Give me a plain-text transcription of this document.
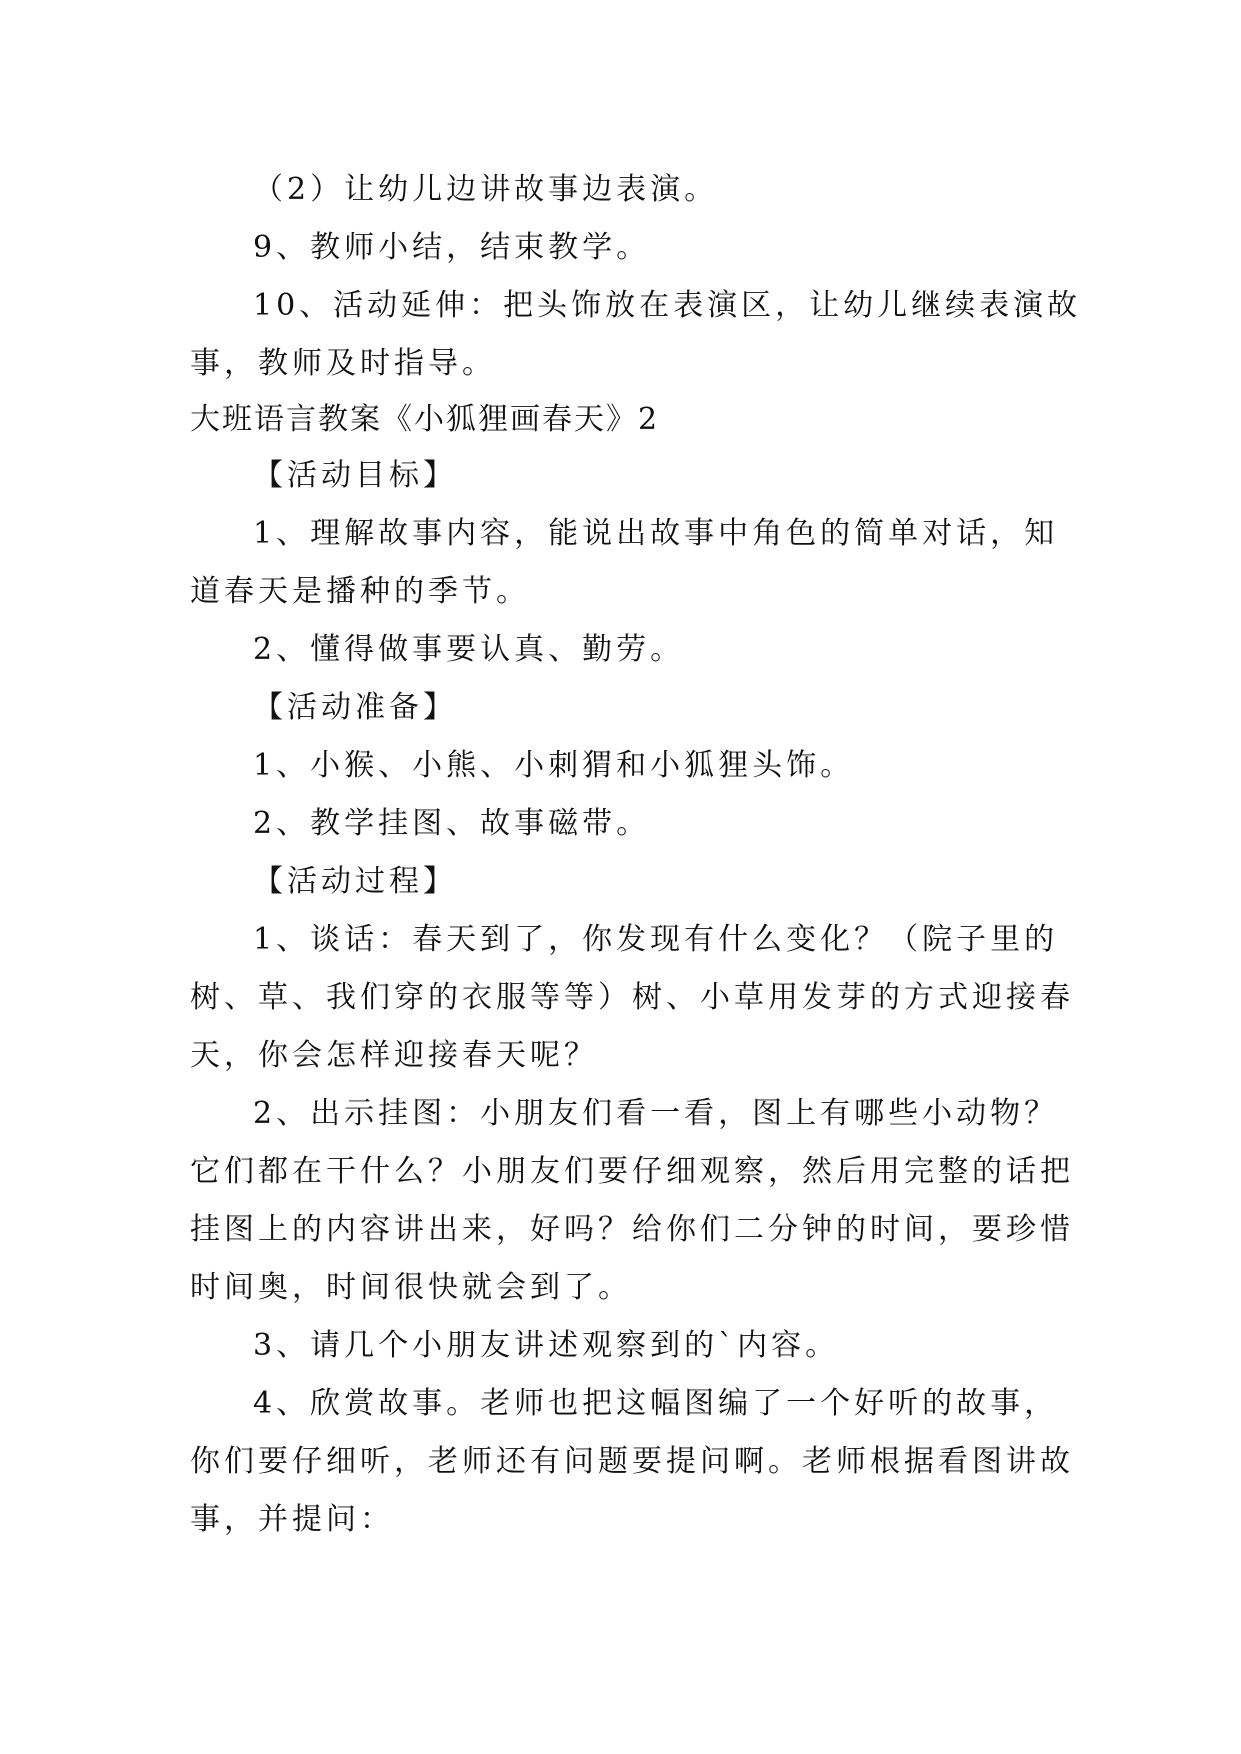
（2）让幼儿边讲故事边表演。
9、教师小结，结束教学。
10、活动延伸：把头饰放在表演区，让幼儿继续表演故
事，教师及时指导。
大班语言教案《小狐狸画春天》2
【活动目标】
1、理解故事内容，能说出故事中角色的简单对话，知
道春天是播种的季节。
2、懂得做事要认真、勤劳。
【活动准备】
1、小猴、小熊、小刺猬和小狐狸头饰。
2、教学挂图、故事磁带。
【活动过程】
1、谈话：春天到了，你发现有什么变化？（院子里的
树、草、我们穿的衣服等等）树、小草用发芽的方式迎接春
天，你会怎样迎接春天呢？
2、出示挂图：小朋友们看一看，图上有哪些小动物？
它们都在干什么？小朋友们要仔细观察，然后用完整的话把
挂图上的内容讲出来，好吗？给你们二分钟的时间，要珍惜
时间奥，时间很快就会到了。
3、请几个小朋友讲述观察到的`内容。
4、欣赏故事。老师也把这幅图编了一个好听的故事，
你们要仔细听，老师还有问题要提问啊。老师根据看图讲故
事，并提问：
